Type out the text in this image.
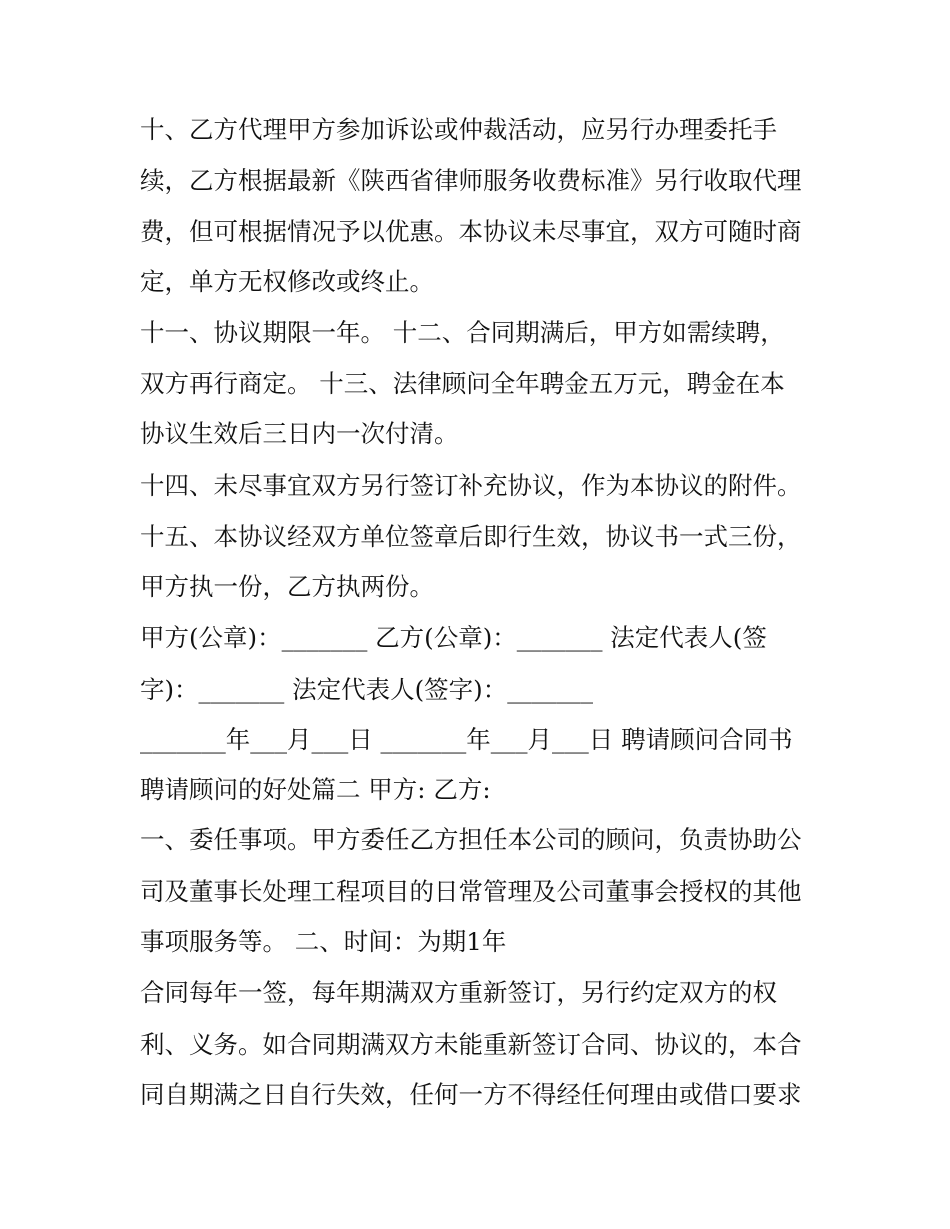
十、乙方代理甲方参加诉讼或仲裁活动，应另行办理委托手
续，乙方根据最新《陕西省律师服务收费标准》另行收取代理
费，但可根据情况予以优惠。本协议未尽事宜，双方可随时商
定，单方无权修改或终止。
十一、协议期限一年。 十二、合同期满后，甲方如需续聘，
双方再行商定。 十三、法律顾问全年聘金五万元，聘金在本
协议生效后三日内一次付清。
十四、未尽事宜双方另行签订补充协议，作为本协议的附件。
十五、本协议经双方单位签章后即行生效，协议书一式三份，
甲方执一份，乙方执两份。
甲方(公章)：_______ 乙方(公章)：_______ 法定代表人(签
字)：_______ 法定代表人(签字)：_______
_______年___月___日 _______年___月___日 聘请顾问合同书
聘请顾问的好处篇二 甲方: 乙方:
一、委任事项。甲方委任乙方担任本公司的顾问，负责协助公
司及董事长处理工程项目的日常管理及公司董事会授权的其他
事项服务等。 二、时间：为期1年
合同每年一签，每年期满双方重新签订，另行约定双方的权
利、义务。如合同期满双方未能重新签订合同、协议的，本合
同自期满之日自行失效，任何一方不得经任何理由或借口要求
